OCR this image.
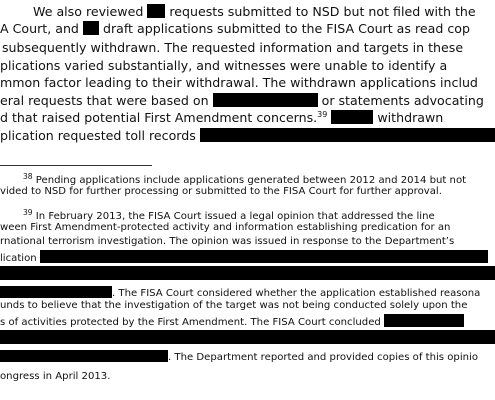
We also reviewed requests submitted to NSD but not filed with the
A Court, and draft applications submitted to the FISA Court as read cop
subsequently withdrawn. The requested information and targets in these
plications varied substantially, and witnesses were unable to identify a
mmon factor leading to their withdrawal. The withdrawn applications includ
eral requests that were based on	or statements advocating
d that raised potential First Amendment concerns.$^{39}$	withdrawn
plication requested toll records
$^{38}$ Pending applications include applications generated between 2012 and 2014 but not
vided to NSD for further processing or submitted to the FISA Court for further approval.
$^{39}$ In February 2013, the FISA Court issued a legal opinion that addressed the line
ween First Amendment-protected activity and information establishing predication for an
rnational terrorism investigation. The opinion was issued in response to the Department’s
lication
. The FISA Court considered whether the application established reasona
unds to believe that the investigation of the target was not being conducted solely upon the
s of activities protected by the First Amendment. The FISA Court concluded
. The Department reported and provided copies of this opinio
ongress in April 2013.
